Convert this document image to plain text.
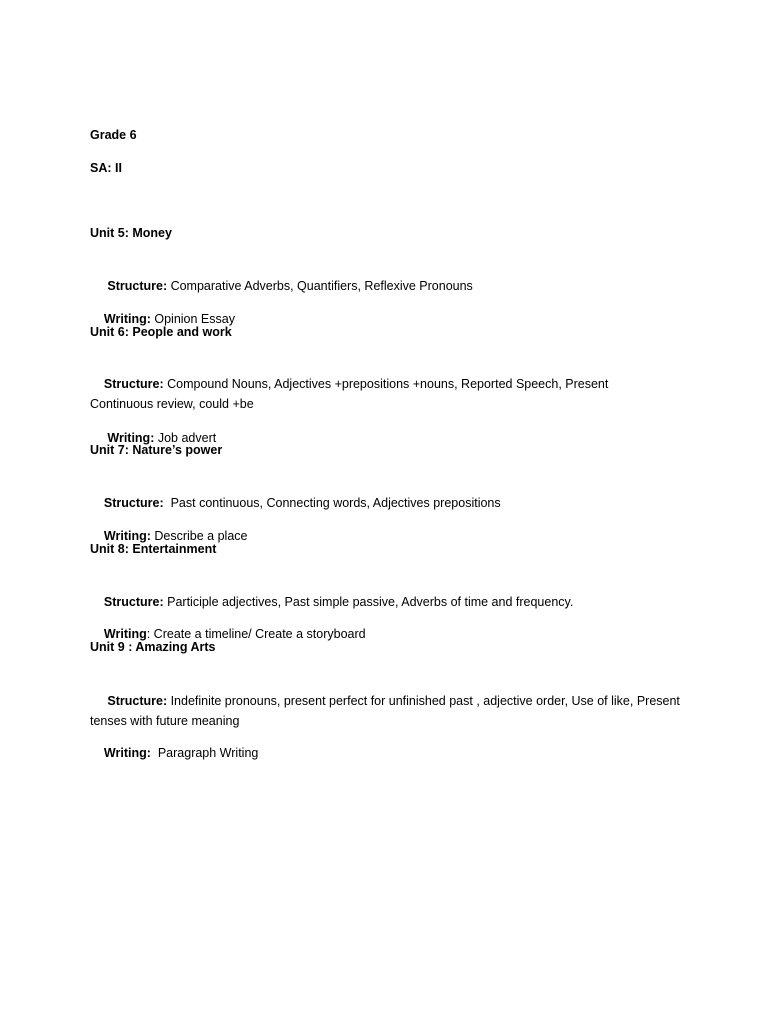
Grade 6
SA: II
Unit 5: Money

Structure: Comparative Adverbs, Quantifiers, Reflexive Pronouns

Writing: Opinion Essay

Unit 6: People and work

Structure: Compound Nouns, Adjectives +prepositions +nouns, Reported Speech, Present Continuous review, could +be

Writing: Job advert

Unit 7: Nature’s power

Structure:  Past continuous, Connecting words, Adjectives prepositions

Writing: Describe a place

Unit 8: Entertainment

Structure: Participle adjectives, Past simple passive, Adverbs of time and frequency.

Writing: Create a timeline/ Create a storyboard

Unit 9 : Amazing Arts

Structure: Indefinite pronouns, present perfect for unfinished past , adjective order, Use of like, Present tenses with future meaning

Writing:  Paragraph Writing
